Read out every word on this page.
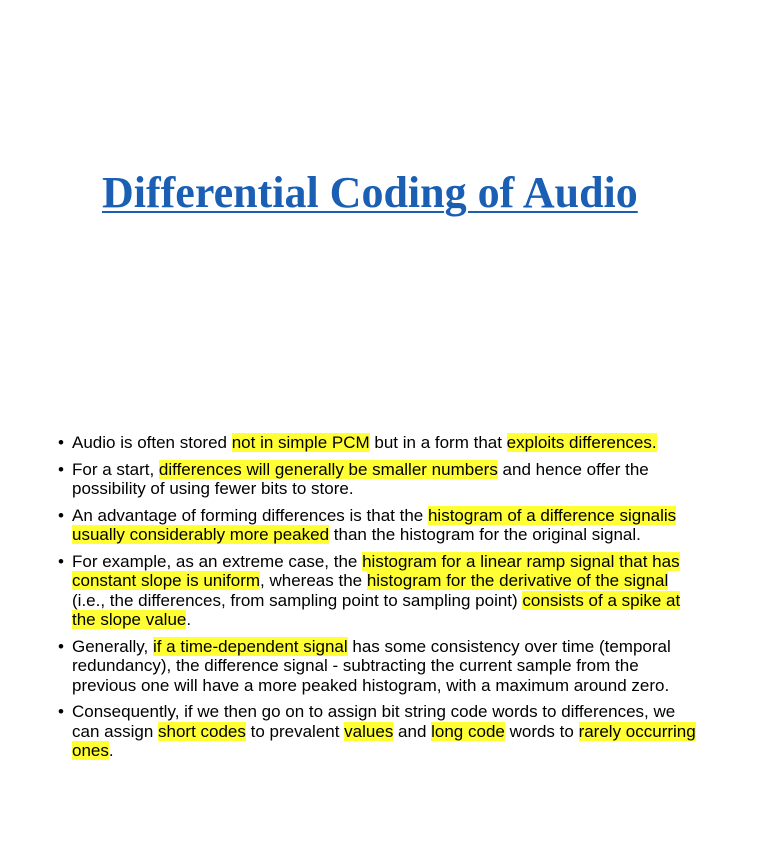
Differential Coding of Audio
• Audio is often stored not in simple PCM but in a form that exploits differences.
• For a start, differences will generally be smaller numbers and hence offer the possibility of using fewer bits to store.
• An advantage of forming differences is that the histogram of a difference signalis usually considerably more peaked than the histogram for the original signal.
• For example, as an extreme case, the histogram for a linear ramp signal that has constant slope is uniform, whereas the histogram for the derivative of the signal (i.e., the differences, from sampling point to sampling point) consists of a spike at the slope value.
• Generally, if a time-dependent signal has some consistency over time (temporal redundancy), the difference signal - subtracting the current sample from the previous one will have a more peaked histogram, with a maximum around zero.
• Consequently, if we then go on to assign bit string code words to differences, we can assign short codes to prevalent values and long code words to rarely occurring ones.
